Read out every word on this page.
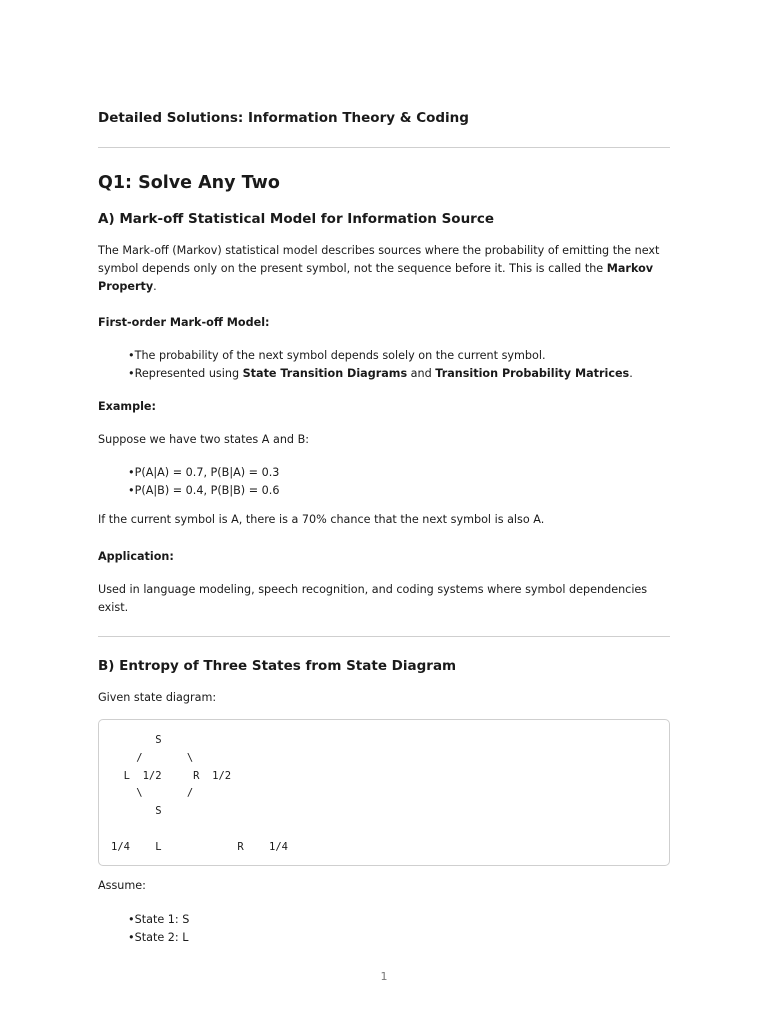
Detailed Solutions: Information Theory & Coding
Q1: Solve Any Two
A) Mark-off Statistical Model for Information Source

The Mark-off (Markov) statistical model describes sources where the probability of emitting the next symbol depends only on the present symbol, not the sequence before it. This is called the Markov Property.

First-order Mark-off Model:

• The probability of the next symbol depends solely on the current symbol.
• Represented using State Transition Diagrams and Transition Probability Matrices.

Example:

Suppose we have two states A and B:

• P(A|A) = 0.7, P(B|A) = 0.3
• P(A|B) = 0.4, P(B|B) = 0.6

If the current symbol is A, there is a 70% chance that the next symbol is also A.

Application:

Used in language modeling, speech recognition, and coding systems where symbol dependencies exist.

B) Entropy of Three States from State Diagram

Given state diagram:

S
/       \
L  1/2     R  1/2
\       /
S

1/4    L            R    1/4

Assume:

• State 1: S
• State 2: L
1
